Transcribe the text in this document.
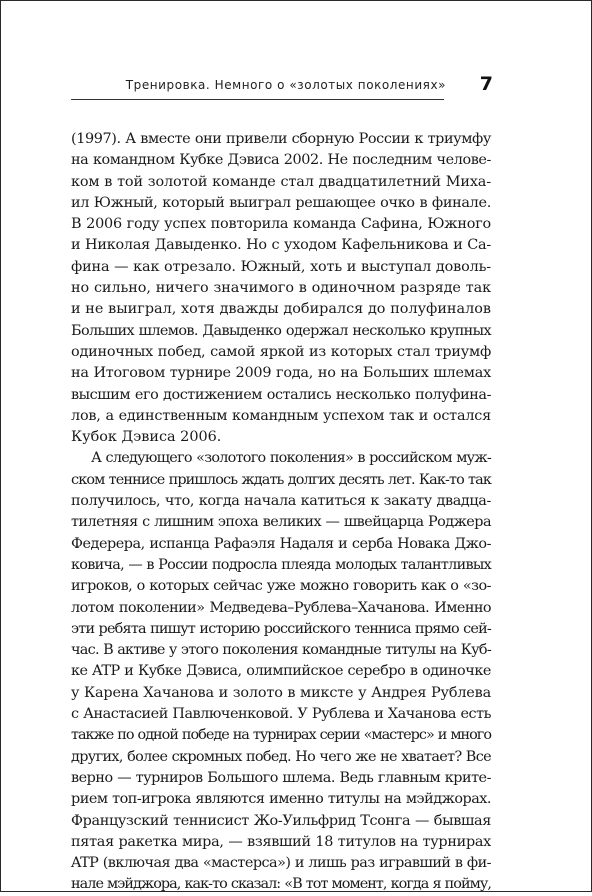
Тренировка. Немного о «золотых поколениях» 7
(1997). А вместе они привели сборную России к триумфу
на командном Кубке Дэвиса 2002. Не последним челове-
ком в той золотой команде стал двадцатилетний Миха-
ил Южный, который выиграл решающее очко в финале.
В 2006 году успех повторила команда Сафина, Южного
и Николая Давыденко. Но с уходом Кафельникова и Са-
фина — как отрезало. Южный, хоть и выступал доволь-
но сильно, ничего значимого в одиночном разряде так
и не выиграл, хотя дважды добирался до полуфиналов
Больших шлемов. Давыденко одержал несколько крупных
одиночных побед, самой яркой из которых стал триумф
на Итоговом турнире 2009 года, но на Больших шлемах
высшим его достижением остались несколько полуфина-
лов, а единственным командным успехом так и остался
Кубок Дэвиса 2006.
А следующего «золотого поколения» в российском муж-
ском теннисе пришлось ждать долгих десять лет. Как-то так
получилось, что, когда начала катиться к закату двадца-
тилетняя с лишним эпоха великих — швейцарца Роджера
Федерера, испанца Рафаэля Надаля и серба Новака Джо-
ковича, — в России подросла плеяда молодых талантливых
игроков, о которых сейчас уже можно говорить как о «зо-
лотом поколении» Медведева–Рублева–Хачанова. Именно
эти ребята пишут историю российского тенниса прямо сей-
час. В активе у этого поколения командные титулы на Куб-
ке ATP и Кубке Дэвиса, олимпийское серебро в одиночке
у Карена Хачанова и золото в миксте у Андрея Рублева
с Анастасией Павлюченковой. У Рублева и Хачанова есть
также по одной победе на турнирах серии «мастерс» и много
других, более скромных побед. Но чего же не хватает? Все
верно — турниров Большого шлема. Ведь главным крите-
рием топ-игрока являются именно титулы на мэйджорах.
Французский теннисист Жо-Уильфрид Тсонга — бывшая
пятая ракетка мира, — взявший 18 титулов на турнирах
ATP (включая два «мастерса») и лишь раз игравший в фи-
нале мэйджора, как-то сказал: «В тот момент, когда я пойму,
